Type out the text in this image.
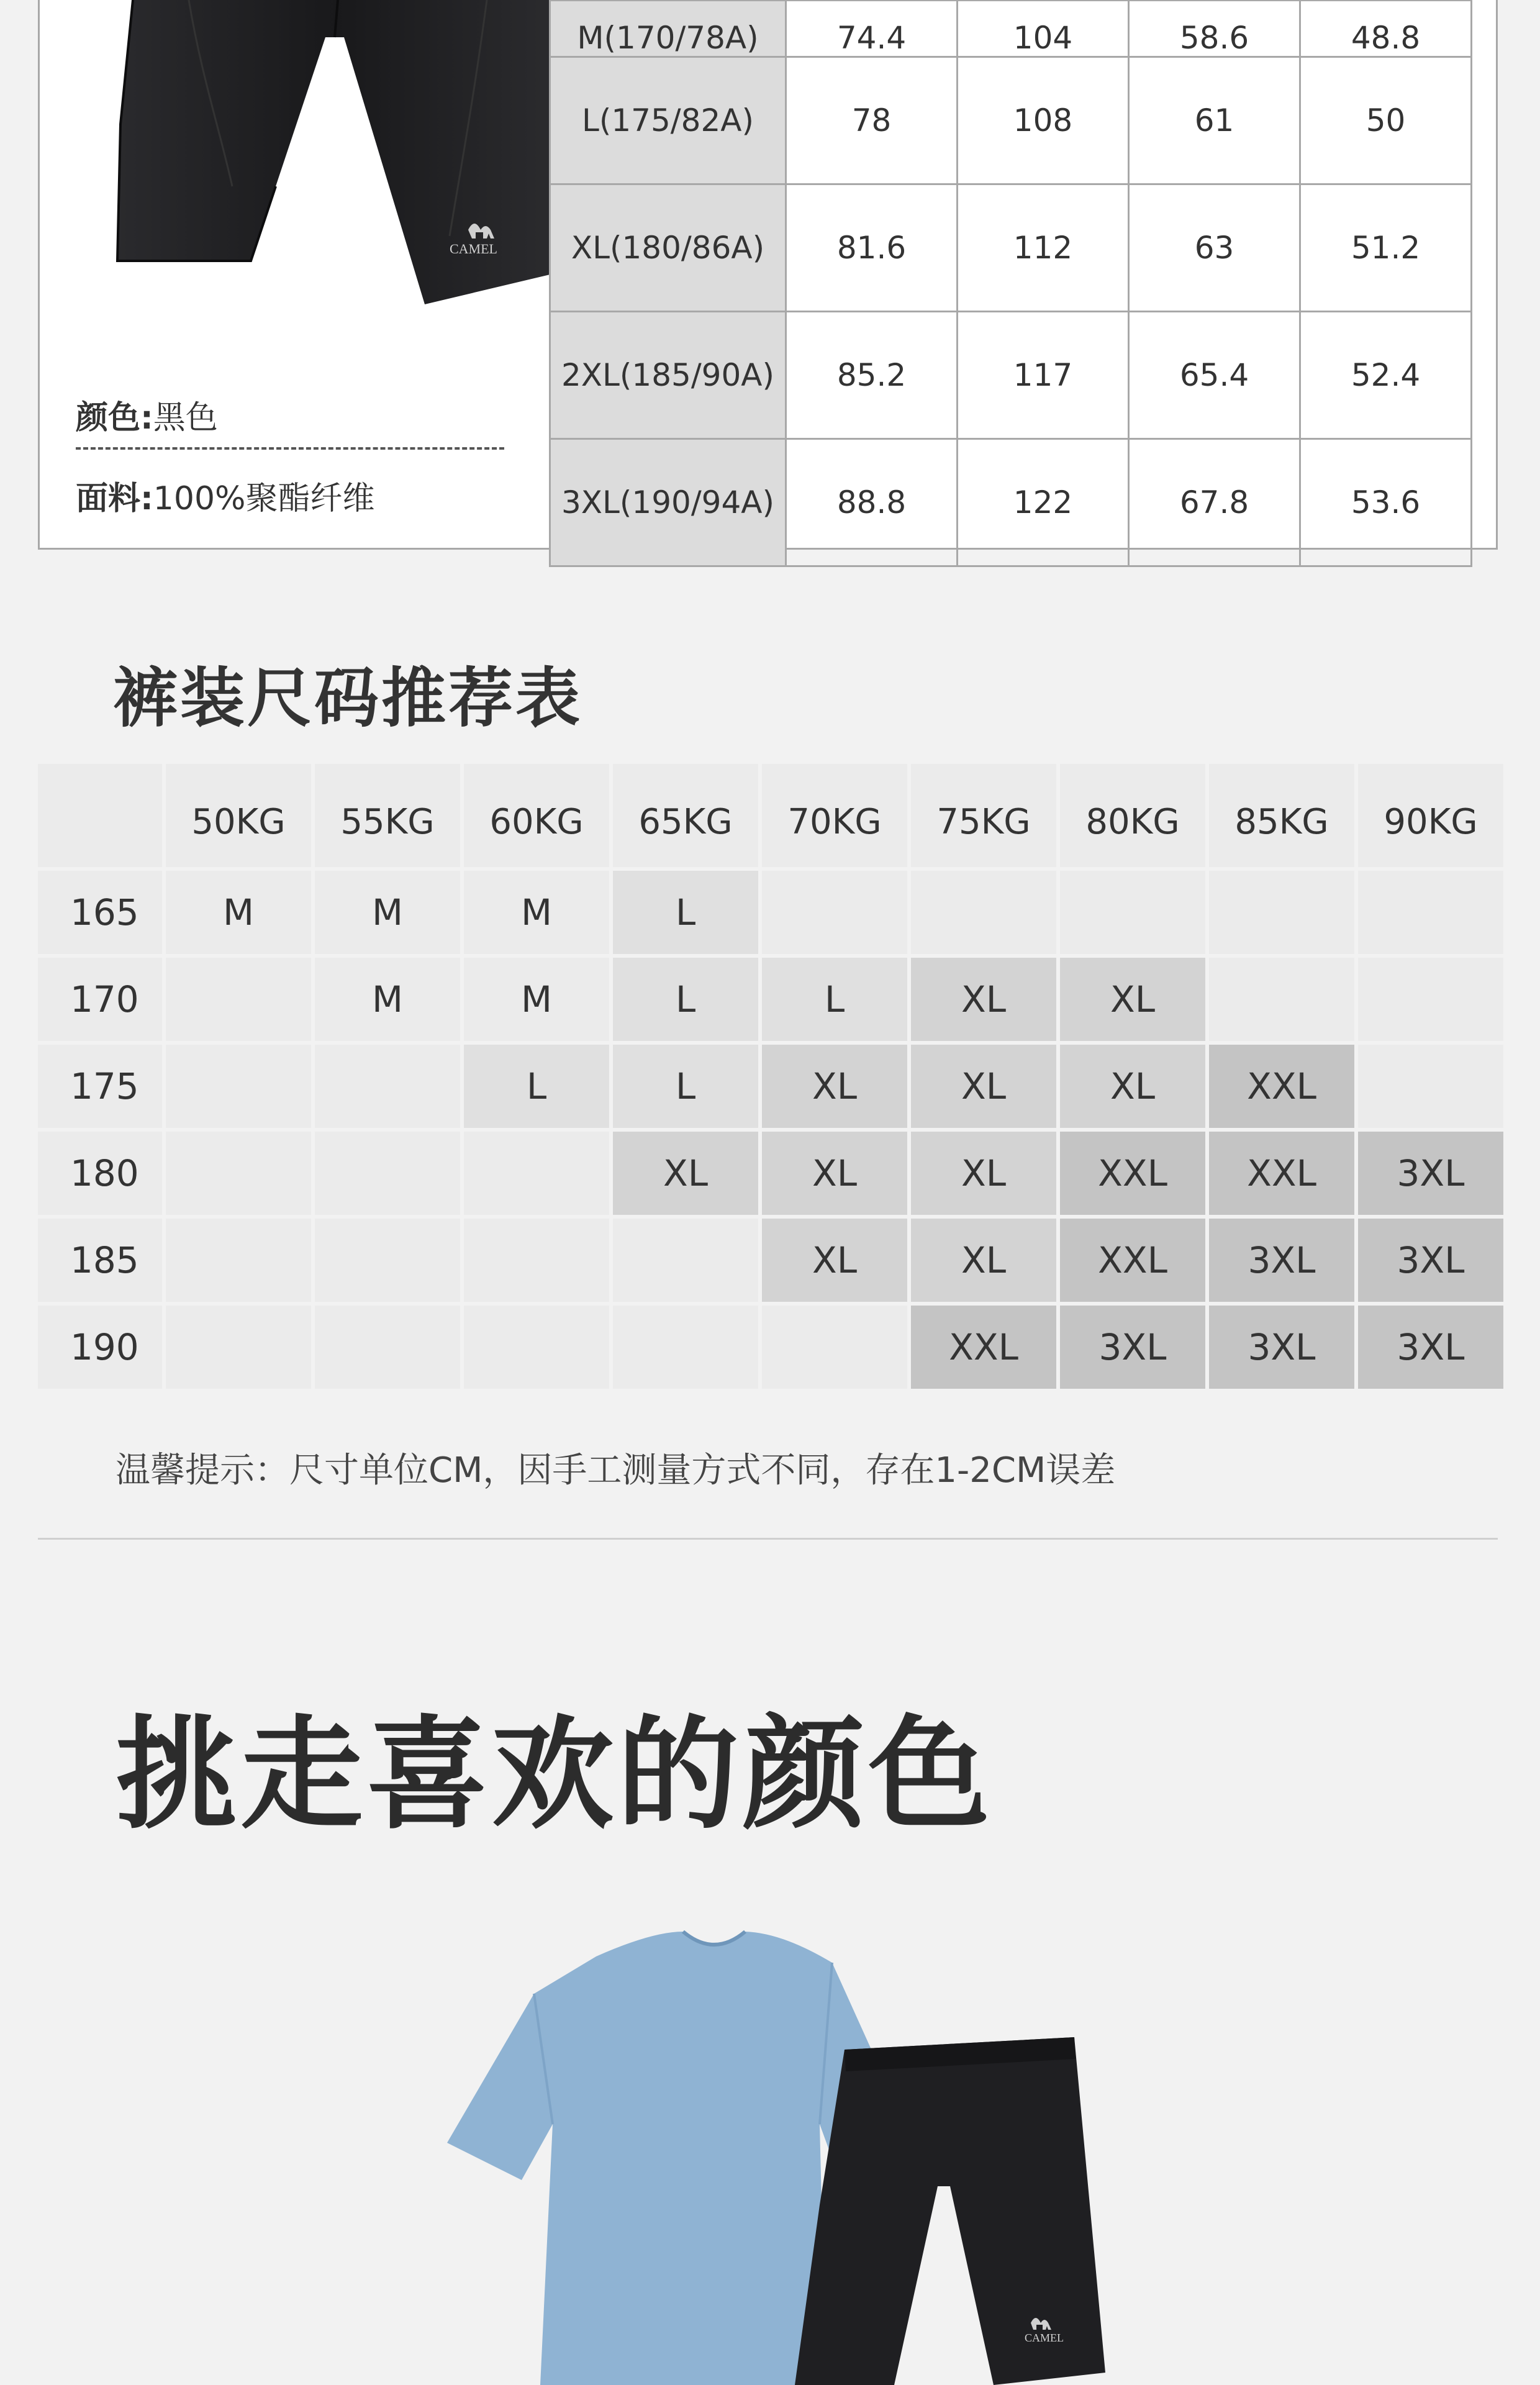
CAMEL
颜色:黑色
面料:100%聚酯纤维
M(170/78A)	74.4	104	58.6	48.8
L(175/82A)	78	108	61	50
XL(180/86A)	81.6	112	63	51.2
2XL(185/90A)	85.2	117	65.4	52.4
3XL(190/94A)	88.8	122	67.8	53.6
裤装尺码推荐表
	50KG	55KG	60KG	65KG	70KG	75KG	80KG	85KG	90KG
165	M	M	M	L					
170		M	M	L	L	XL	XL		
175			L	L	XL	XL	XL	XXL	
180				XL	XL	XL	XXL	XXL	3XL
185					XL	XL	XXL	3XL	3XL
190						XXL	3XL	3XL	3XL
温馨提示：尺寸单位CM，因手工测量方式不同，存在1-2CM误差
挑走喜欢的颜色
CAMEL
